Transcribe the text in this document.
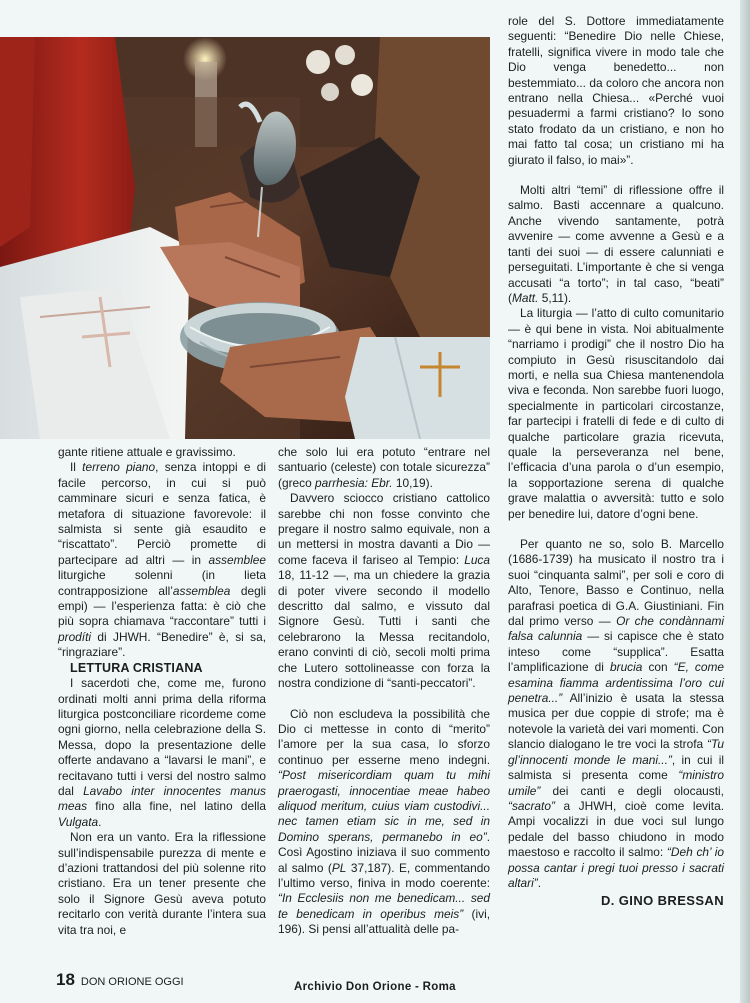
gante ritiene attuale e gravissimo.

Il terreno piano, senza intoppi e di facile percorso, in cui si può camminare sicuri e senza fatica, è metafora di situazione favorevole: il salmista si sente già esaudito e “riscattato”. Perciò promette di partecipare ad altri — in assemblee liturgiche solenni (in lieta contrapposizione all’assemblea degli empi) — l’esperienza fatta: è ciò che più sopra chiamava “raccontare” tutti i prodíti di JHWH. “Benedire” è, si sa, “ringraziare”.

LETTURA CRISTIANA

I sacerdoti che, come me, furono ordinati molti anni prima della riforma liturgica postconciliare ricordeme come ogni giorno, nella celebrazione della S. Messa, dopo la presentazione delle offerte andavano a “lavarsi le mani”, e recitavano tutti i versi del nostro salmo dal Lavabo inter innocentes manus meas fino alla fine, nel latino della Vulgata.

Non era un vanto. Era la riflessione sull’indispensabile purezza di mente e d’azioni trattandosi del più solenne rito cristiano. Era un tener presente che solo il Signore Gesù aveva potuto recitarlo con verità durante l’intera sua vita tra noi, e

che solo lui era potuto “entrare nel santuario (celeste) con totale sicurezza” (greco parrhesia: Ebr. 10,19).

Davvero sciocco cristiano cattolico sarebbe chi non fosse convinto che pregare il nostro salmo equivale, non a un mettersi in mostra davanti a Dio — come faceva il fariseo al Tempio: Luca 18, 11-12 —, ma un chiedere la grazia di poter vivere secondo il modello descritto dal salmo, e vissuto dal Signore Gesù. Tutti i santi che celebrarono la Messa recitandolo, erano convinti di ciò, secoli molti prima che Lutero sottolineasse con forza la nostra condizione di “santi-peccatori”.

Ciò non escludeva la possibilità che Dio ci mettesse in conto di “merito” l’amore per la sua casa, lo sforzo continuo per esserne meno indegni. “Post misericordiam quam tu mihi praerogasti, innocentiae meae habeo aliquod meritum, cuius viam custodivi... nec tamen etiam sic in me, sed in Domino sperans, permanebo in eo”. Così Agostino iniziava il suo commento al salmo (PL 37,187). E, commentando l’ultimo verso, finiva in modo coerente: “In Ecclesiis non me benedicam... sed te benedicam in operibus meis” (ivi, 196). Si pensi all’attualità delle pa-

role del S. Dottore immediatamente seguenti: “Benedire Dio nelle Chiese, fratelli, significa vivere in modo tale che Dio venga benedetto... non bestemmiato... da coloro che ancora non entrano nella Chiesa... «Perché vuoi pesuadermi a farmi cristiano? Io sono stato frodato da un cristiano, e non ho mai fatto tal cosa; un cristiano mi ha giurato il falso, io mai»”.

Molti altri “temi” di riflessione offre il salmo. Basti accennare a qualcuno. Anche vivendo santamente, potrà avvenire — come avvenne a Gesù e a tanti dei suoi — di essere calunniati e perseguitati. L’importante è che si venga accusati “a torto”; in tal caso, “beati” (Matt. 5,11).

La liturgia — l’atto di culto comunitario — è qui bene in vista. Noi abitualmente “narriamo i prodigi” che il nostro Dio ha compiuto in Gesù risuscitandolo dai morti, e nella sua Chiesa mantenendola viva e feconda. Non sarebbe fuori luogo, specialmente in particolari circostanze, far partecipi i fratelli di fede e di culto di qualche particolare grazia ricevuta, quale la perseveranza nel bene, l’efficacia d’una parola o d’un esempio, la sopportazione serena di qualche grave malattia o avversità: tutto e solo per benedire lui, datore d’ogni bene.

Per quanto ne so, solo B. Marcello (1686-1739) ha musicato il nostro tra i suoi “cinquanta salmi”, per soli e coro di Alto, Tenore, Basso e Continuo, nella parafrasi poetica di G.A. Giustiniani. Fin dal primo verso — Or che condànnami falsa calunnia — si capisce che è stato inteso come “supplica”. Esatta l’amplificazione di brucia con “E, come esamina fiamma ardentissima l’oro cui penetra...” All’inizio è usata la stessa musica per due coppie di strofe; ma è notevole la varietà dei vari momenti. Con slancio dialogano le tre voci la strofa “Tu gl’innocenti monde le mani...”, in cui il salmista si presenta come “ministro umile” dei canti e degli olocausti, “sacrato” a JHWH, cioè come levita. Ampi vocalizzi in due voci sul lungo pedale del basso chiudono in modo maestoso e raccolto il salmo: “Deh ch’ io possa cantar i pregi tuoi presso i sacrati altari”.

D. GINO BRESSAN
18 DON ORIONE OGGI	Archivio Don Orione - Roma
